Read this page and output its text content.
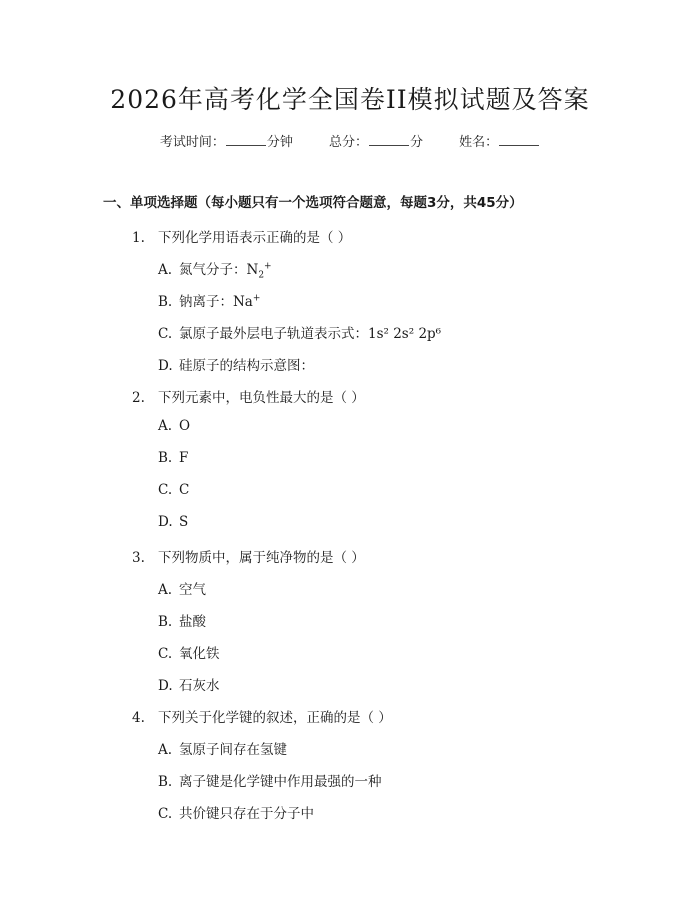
2026年高考化学全国卷II模拟试题及答案
考试时间：	分钟	总分：	分	姓名：
一、单项选择题（每小题只有一个选项符合题意，每题3分，共45分）
1. 下列化学用语表示正确的是（ ）
A. 氮气分子：$N_2^+$
B. 钠离子：Na+
C. 氯原子最外层电子轨道表示式：1s² 2s² 2p⁶
D. 硅原子的结构示意图：
2. 下列元素中，电负性最大的是（ ）
A. O
B. F
C. C
D. S
3. 下列物质中，属于纯净物的是（ ）
A. 空气
B. 盐酸
C. 氧化铁
D. 石灰水
4. 下列关于化学键的叙述，正确的是（ ）
A. 氢原子间存在氢键
B. 离子键是化学键中作用最强的一种
C. 共价键只存在于分子中
